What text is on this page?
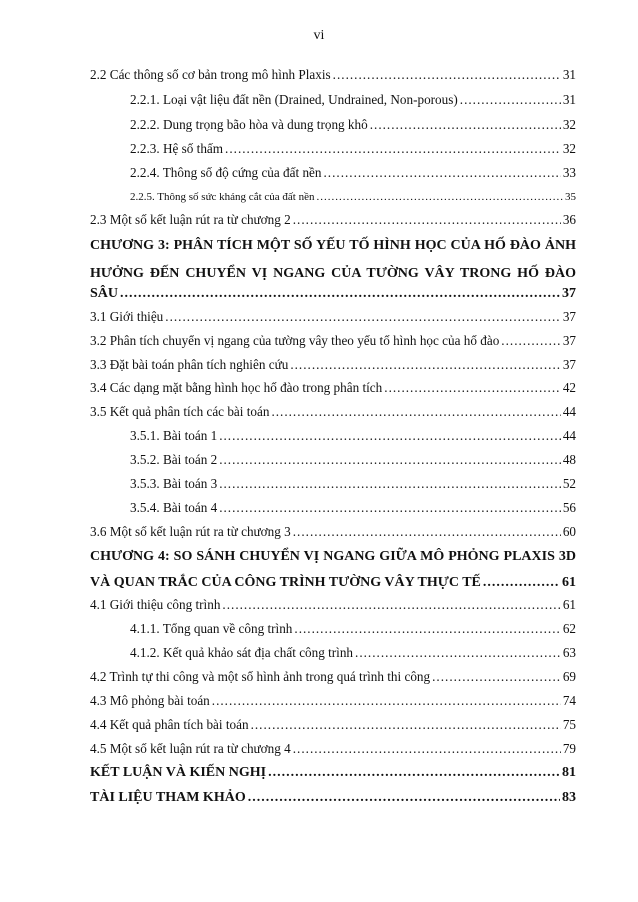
vi
2.2 Các thông số cơ bản trong mô hình Plaxis .....	31
2.2.1. Loại vật liệu đất nền (Drained, Undrained, Non-porous) .....	31
2.2.2. Dung trọng bão hòa và dung trọng khô .....	32
2.2.3. Hệ số thấm .....	32
2.2.4. Thông số độ cứng của đất nền .....	33
2.2.5. Thông số sức kháng cắt của đất nền .....	35
2.3 Một số kết luận rút ra từ chương 2 .....	36
CHƯƠNG 3: PHÂN TÍCH MỘT SỐ YẾU TỐ HÌNH HỌC CỦA HỐ ĐÀO ẢNH
HƯỞNG ĐẾN CHUYỂN VỊ NGANG CỦA TƯỜNG VÂY TRONG HỐ ĐÀO
SÂU .....	37
3.1 Giới thiệu .....	37
3.2 Phân tích chuyển vị ngang của tường vây theo yếu tố hình học của hố đào .....	37
3.3 Đặt bài toán phân tích nghiên cứu .....	37
3.4 Các dạng mặt bằng hình học hố đào trong phân tích .....	42
3.5 Kết quả phân tích các bài toán .....	44
3.5.1. Bài toán 1 .....	44
3.5.2. Bài toán 2 .....	48
3.5.3. Bài toán 3 .....	52
3.5.4. Bài toán 4 .....	56
3.6 Một số kết luận rút ra từ chương 3 .....	60
CHƯƠNG 4: SO SÁNH CHUYỂN VỊ NGANG GIỮA MÔ PHỎNG PLAXIS 3D
VÀ QUAN TRẮC CỦA CÔNG TRÌNH TƯỜNG VÂY THỰC TẾ .....	61
4.1 Giới thiệu công trình .....	61
4.1.1. Tổng quan về công trình .....	62
4.1.2. Kết quả khảo sát địa chất công trình .....	63
4.2 Trình tự thi công và một số hình ảnh trong quá trình thi công .....	69
4.3 Mô phỏng bài toán .....	74
4.4 Kết quả phân tích bài toán .....	75
4.5 Một số kết luận rút ra từ chương 4 .....	79
KẾT LUẬN VÀ KIẾN NGHỊ .....	81
TÀI LIỆU THAM KHẢO .....	83
